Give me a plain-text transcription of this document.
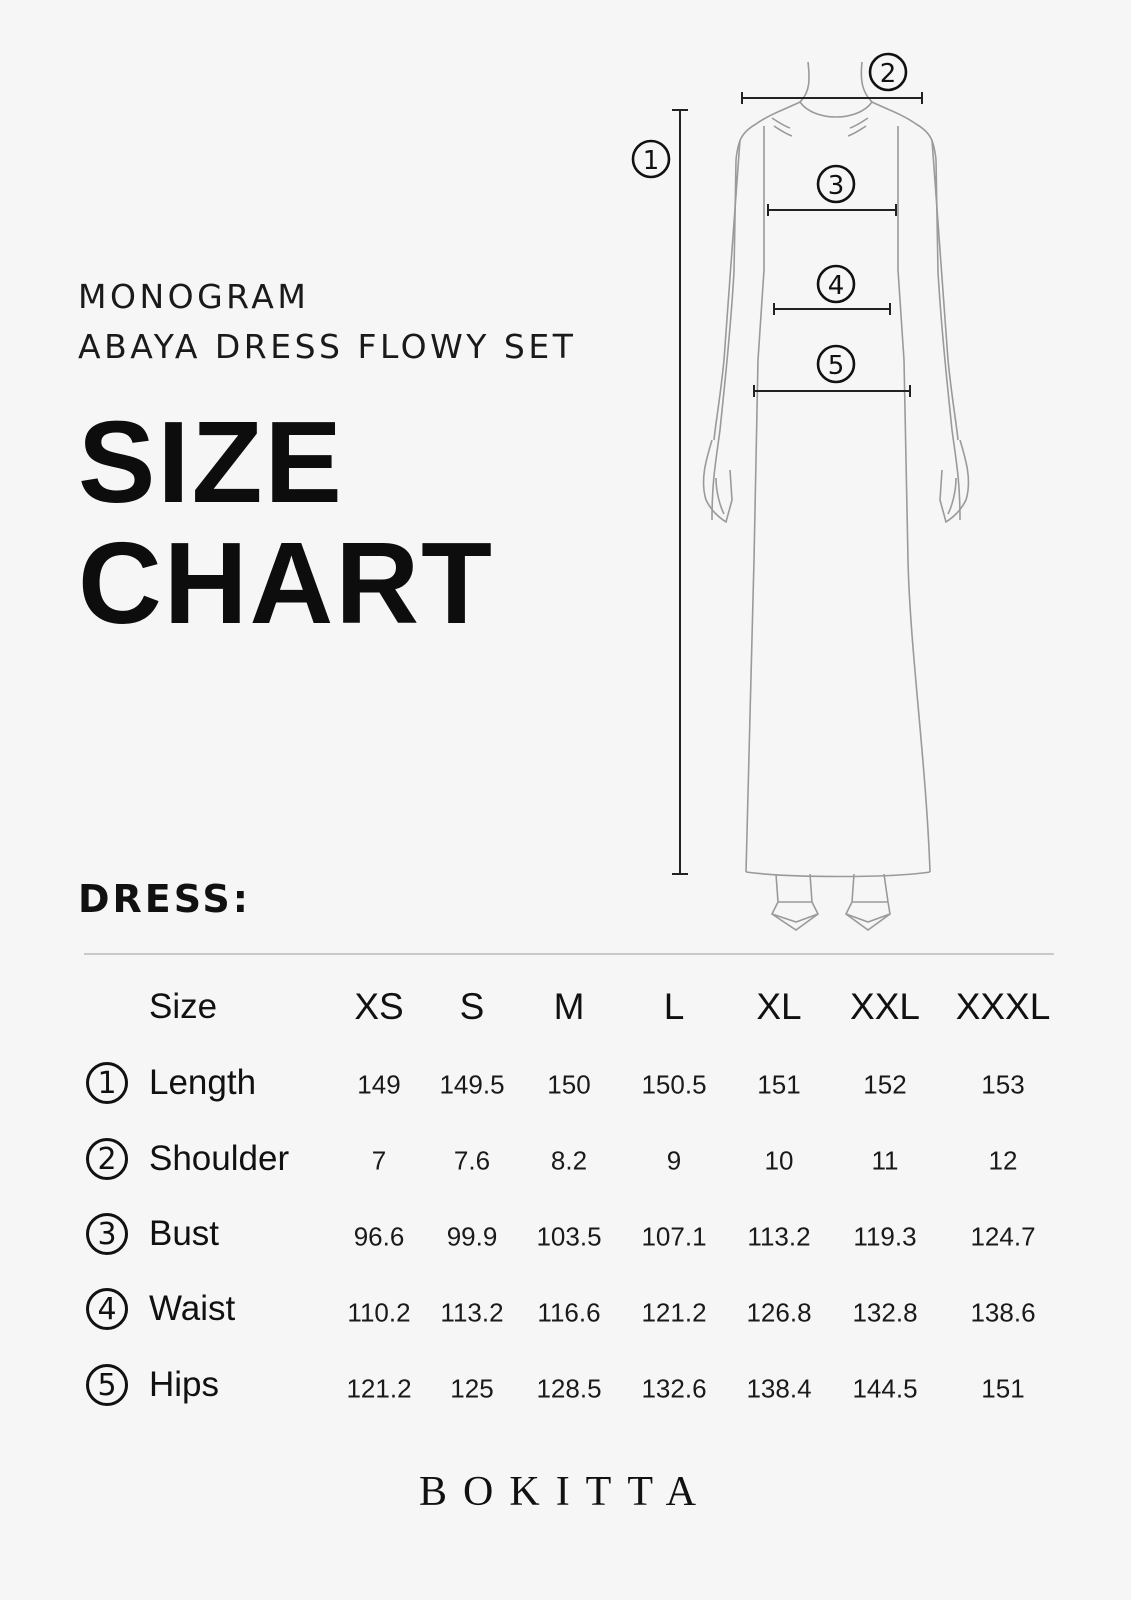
MONOGRAM
ABAYA DRESS FLOWY SET
SIZE
CHART
1
2
3
4
5
DRESS:
Size	XS S M L XL XXL XXXL
1 Length	149 149.5 150 150.5 151 152	153
2 Shoulder	7	7.6 8.2	9	10	11	12
3 Bust	96.6 99.9 103.5 107.1 113.2 119.3 124.7
4 Waist	110.2 113.2 116.6 121.2 126.8 132.8 138.6
5 Hips	121.2 125 128.5 132.6 138.4 144.5 151
BOKITTA
